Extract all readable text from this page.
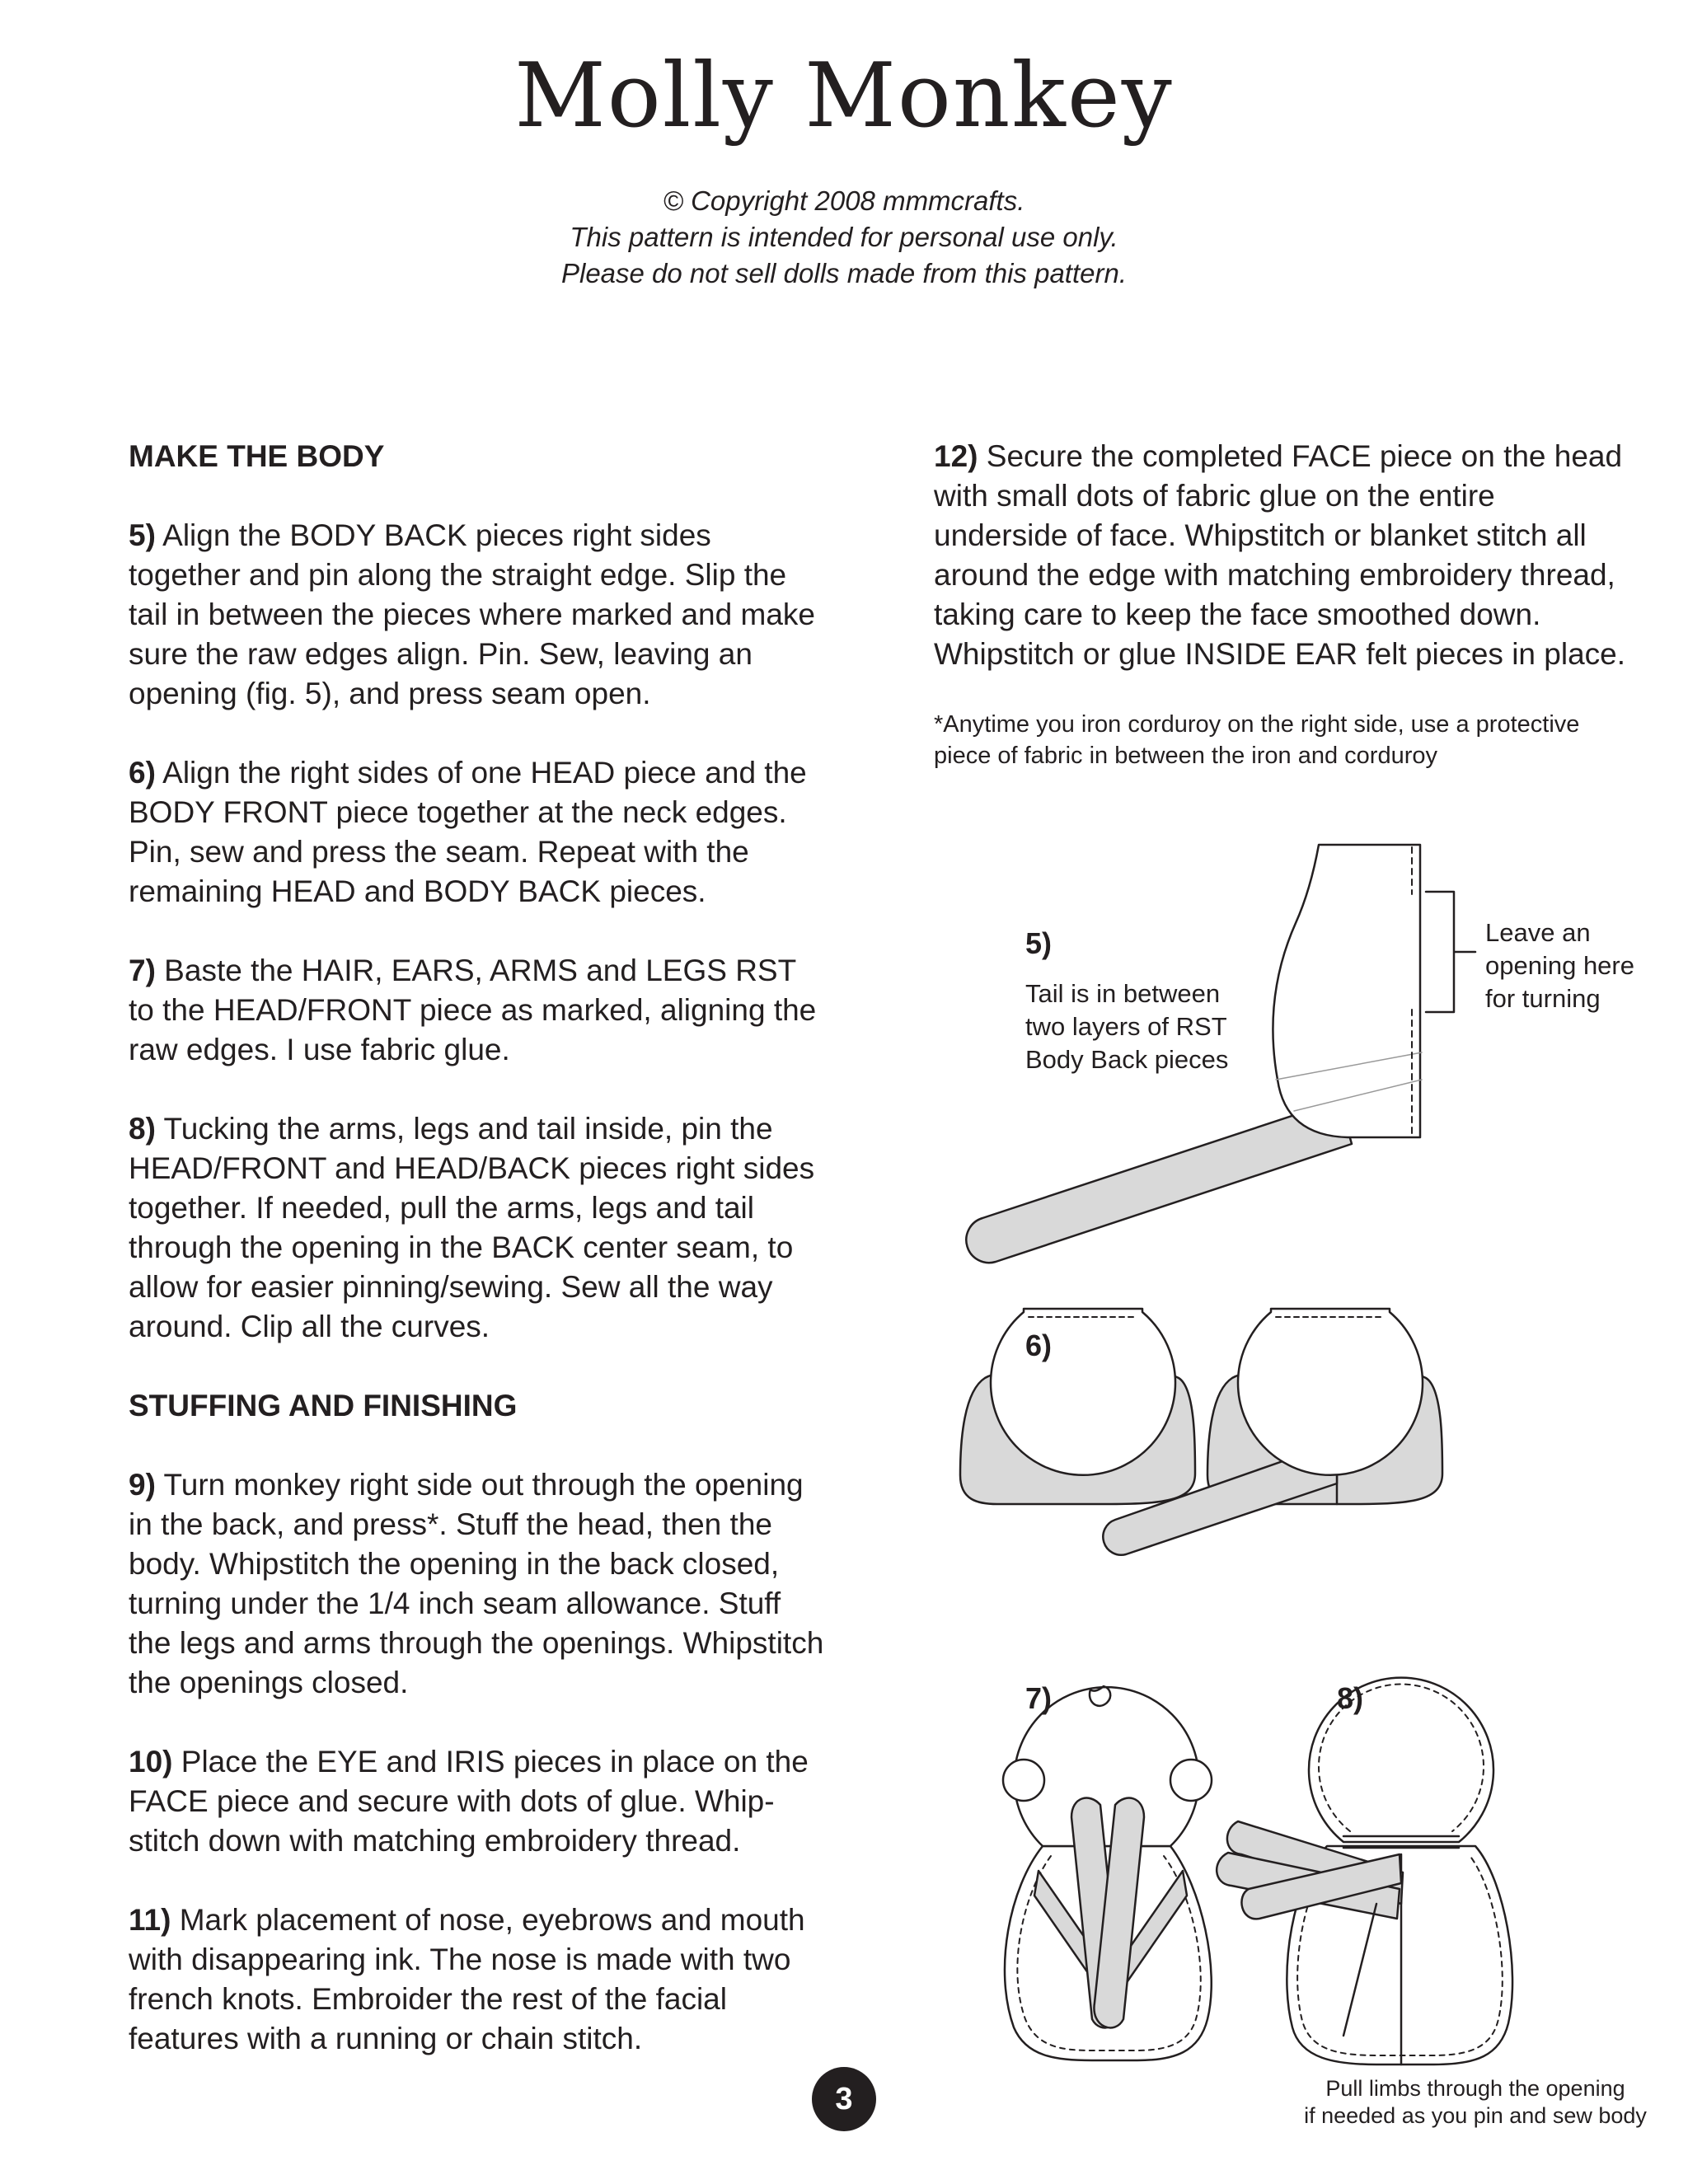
Molly Monkey
© Copyright 2008 mmmcrafts.
This pattern is intended for personal use only.
Please do not sell dolls made from this pattern.
MAKE THE BODY
5) Align the BODY BACK pieces right sides together and pin along the straight edge. Slip the tail in between the pieces where marked and make sure the raw edges align. Pin. Sew, leaving an opening (fig. 5), and press seam open.
6) Align the right sides of one HEAD piece and the BODY FRONT piece together at the neck edges. Pin, sew and press the seam. Repeat with the remaining HEAD and BODY BACK pieces.
7) Baste the HAIR, EARS, ARMS and LEGS RST to the HEAD/FRONT piece as marked, aligning the raw edges. I use fabric glue.
8) Tucking the arms, legs and tail inside, pin the HEAD/FRONT and HEAD/BACK pieces right sides together. If needed, pull the arms, legs and tail through the opening in the BACK center seam, to allow for easier pinning/sewing. Sew all the way around. Clip all the curves.
STUFFING AND FINISHING
9) Turn monkey right side out through the opening in the back, and press*. Stuff the head, then the body. Whipstitch the opening in the back closed, turning under the 1/4 inch seam allowance. Stuff the legs and arms through the openings. Whipstitch the openings closed.
10) Place the EYE and IRIS pieces in place on the FACE piece and secure with dots of glue. Whip-stitch down with matching embroidery thread.
11) Mark placement of nose, eyebrows and mouth with disappearing ink. The nose is made with two french knots. Embroider the rest of the facial features with a running or chain stitch.
12) Secure the completed FACE piece on the head with small dots of fabric glue on the entire underside of face. Whipstitch or blanket stitch all around the edge with matching embroidery thread, taking care to keep the face smoothed down. Whipstitch or glue INSIDE EAR felt pieces in place.
*Anytime you iron corduroy on the right side, use a protective piece of fabric in between the iron and corduroy
5)
Tail is in between
two layers of RST
Body Back pieces
Leave an
opening here
for turning
6)
7)	8)
Pull limbs through the opening
if needed as you pin and sew body
3
